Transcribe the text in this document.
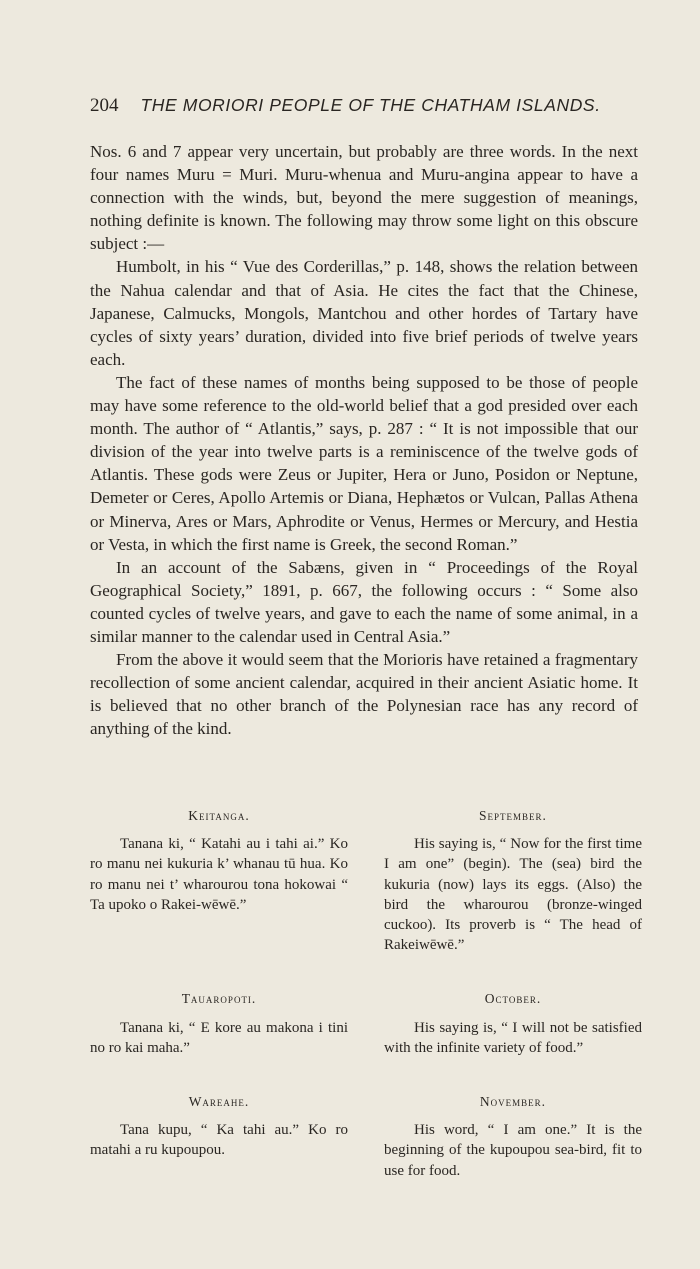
204 THE MORIORI PEOPLE OF THE CHATHAM ISLANDS.

Nos. 6 and 7 appear very uncertain, but probably are three words. In the next four names Muru = Muri. Muru-whenua and Muru-angina appear to have a connection with the winds, but, beyond the mere suggestion of meanings, nothing definite is known. The following may throw some light on this obscure subject :—

Humbolt, in his “ Vue des Corderillas,” p. 148, shows the relation between the Nahua calendar and that of Asia. He cites the fact that the Chinese, Japanese, Calmucks, Mongols, Mantchou and other hordes of Tartary have cycles of sixty years’ duration, divided into five brief periods of twelve years each.

The fact of these names of months being supposed to be those of people may have some reference to the old-world belief that a god presided over each month. The author of “ Atlantis,” says, p. 287 : “ It is not impossible that our division of the year into twelve parts is a reminiscence of the twelve gods of Atlantis. These gods were Zeus or Jupiter, Hera or Juno, Posidon or Neptune, Demeter or Ceres, Apollo Artemis or Diana, Hephætos or Vulcan, Pallas Athena or Minerva, Ares or Mars, Aphrodite or Venus, Hermes or Mercury, and Hestia or Vesta, in which the first name is Greek, the second Roman.”

In an account of the Sabæns, given in “ Proceedings of the Royal Geographical Society,” 1891, p. 667, the following occurs : “ Some also counted cycles of twelve years, and gave to each the name of some animal, in a similar manner to the calendar used in Central Asia.”

From the above it would seem that the Morioris have retained a fragmentary recollection of some ancient calendar, acquired in their ancient Asiatic home. It is believed that no other branch of the Polynesian race has any record of anything of the kind.

Keitanga.

Tanana ki, “ Katahi au i tahi ai.” Ko ro manu nei kukuria k’ whanau tū hua. Ko ro manu nei t’ wharourou tona hokowai “ Ta upoko o Rakei-wēwē.”

September.

His saying is, “ Now for the first time I am one” (begin). The (sea) bird the kukuria (now) lays its eggs. (Also) the bird the wharourou (bronze-winged cuckoo). Its proverb is “ The head of Rakeiwēwē.”

Tauaropoti.

Tanana ki, “ E kore au makona i tini no ro kai maha.”

October.

His saying is, “ I will not be satisfied with the infinite variety of food.”

Wareahe.

Tana kupu, “ Ka tahi au.” Ko ro matahi a ru kupoupou.

November.

His word, “ I am one.” It is the beginning of the kupoupou sea-bird, fit to use for food.
